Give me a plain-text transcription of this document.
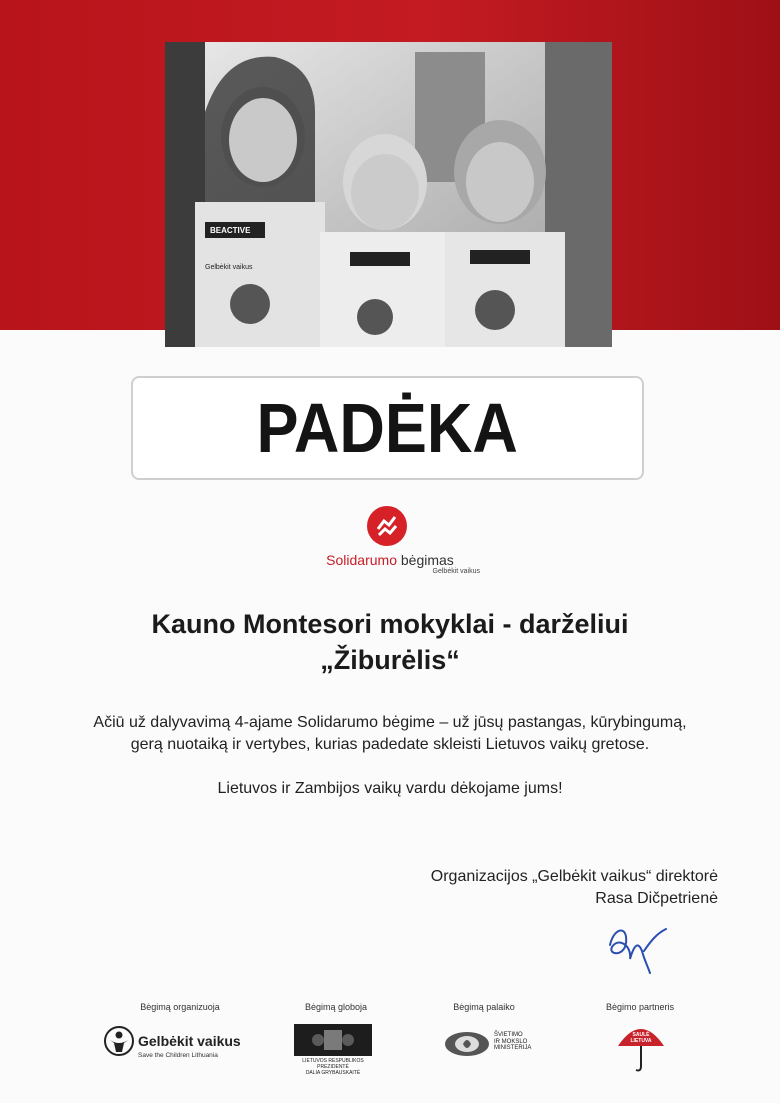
BEACTIVE
Gelbėkit vaikus
PADĖKA
Solidarumo bėgimas
Gelbėkit vaikus
Kauno Montesori mokyklai - darželiui
„Žiburėlis“
Ačiū už dalyvavimą 4-ajame Solidarumo bėgime – už jūsų pastangas, kūrybingumą,
gerą nuotaiką ir vertybes, kurias padedate skleisti Lietuvos vaikų gretose.
Lietuvos ir Zambijos vaikų vardu dėkojame jums!
Organizacijos „Gelbėkit vaikus“ direktorė
Rasa Dičpetrienė
Bėgimą organizuoja	Bėgimą globoja	Bėgimą palaiko	Bėgimo partneris
Gelbėkit vaikus
Save the Children Lithuania
LIETUVOS RESPUBLIKOS PREZIDENTĖ
DALIA GRYBAUSKAITĖ
ŠVIETIMO
IR MOKSLO
MINISTERIJA
SAULĖ
LIETUVA
